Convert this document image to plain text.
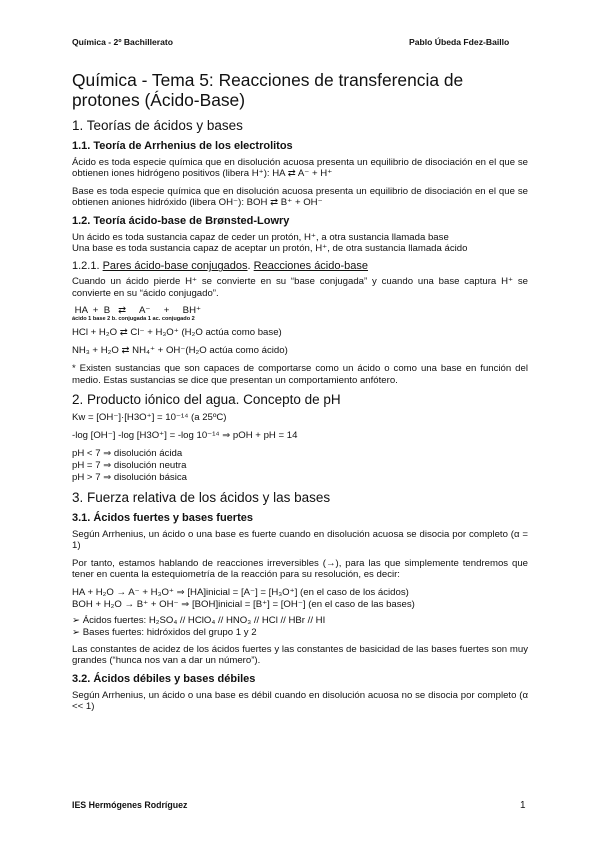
Química - 2º Bachillerato	Pablo Úbeda Fdez-Baillo
Química - Tema 5: Reacciones de transferencia de protones (Ácido-Base)
1. Teorías de ácidos y bases
1.1. Teoría de Arrhenius de los electrolitos

Ácido es toda especie química que en disolución acuosa presenta un equilibrio de disociación en el que se obtienen iones hidrógeno positivos (libera H⁺): HA ⇄ A⁻ + H⁺

Base es toda especie química que en disolución acuosa presenta un equilibrio de disociación en el que se obtienen aniones hidróxido (libera OH⁻): BOH ⇄ B⁺ + OH⁻

1.2. Teoría ácido-base de Brønsted-Lowry

Un ácido es toda sustancia capaz de ceder un protón, H⁺, a otra sustancia llamada base

Una base es toda sustancia capaz de aceptar un protón, H⁺, de otra sustancia llamada ácido

1.2.1. Pares ácido-base conjugados. Reacciones ácido-base

Cuando un ácido pierde H⁺ se convierte en su “base conjugada” y cuando una base captura H⁺ se convierte en su “ácido conjugado”.

HA  +  B   ⇄     A⁻     +     BH⁺
ácido 1 base 2 b. conjugada 1 ac. conjugado 2
HCl + H₂O ⇄ Cl⁻ + H₃O⁺ (H₂O actúa como base)
NH₃ + H₂O ⇄ NH₄⁺ + OH⁻(H₂O actúa como ácido)

* Existen sustancias que son capaces de comportarse como un ácido o como una base en función del medio. Estas sustancias se dice que presentan un comportamiento anfótero.

2. Producto iónico del agua. Concepto de pH
Kw = [OH⁻]·[H3O⁺] = 10⁻¹⁴ (a 25ºC)
-log [OH⁻] -log [H3O⁺] = -log 10⁻¹⁴ ⇒ pOH + pH = 14
pH < 7 ⇒ disolución ácida
pH = 7 ⇒ disolución neutra
pH > 7 ⇒ disolución básica
3. Fuerza relativa de los ácidos y las bases
3.1. Ácidos fuertes y bases fuertes

Según Arrhenius, un ácido o una base es fuerte cuando en disolución acuosa se disocia por completo (α = 1)

Por tanto, estamos hablando de reacciones irreversibles (→), para las que simplemente tendremos que tener en cuenta la estequiometría de la reacción para su resolución, es decir:

HA + H₂O → A⁻ + H₃O⁺ ⇒ [HA]inicial = [A⁻] = [H₃O⁺] (en el caso de los ácidos)
BOH + H₂O → B⁺ + OH⁻ ⇒ [BOH]inicial = [B⁺] = [OH⁻] (en el caso de las bases)
➢ Ácidos fuertes: H₂SO₄ // HClO₄ // HNO₃ // HCl // HBr // HI
➢ Bases fuertes: hidróxidos del grupo 1 y 2

Las constantes de acidez de los ácidos fuertes y las constantes de basicidad de las bases fuertes son muy grandes (“hunca nos van a dar un número”).

3.2. Ácidos débiles y bases débiles

Según Arrhenius, un ácido o una base es débil cuando en disolución acuosa no se disocia por completo (α << 1)

IES Hermógenes Rodríguez	1
